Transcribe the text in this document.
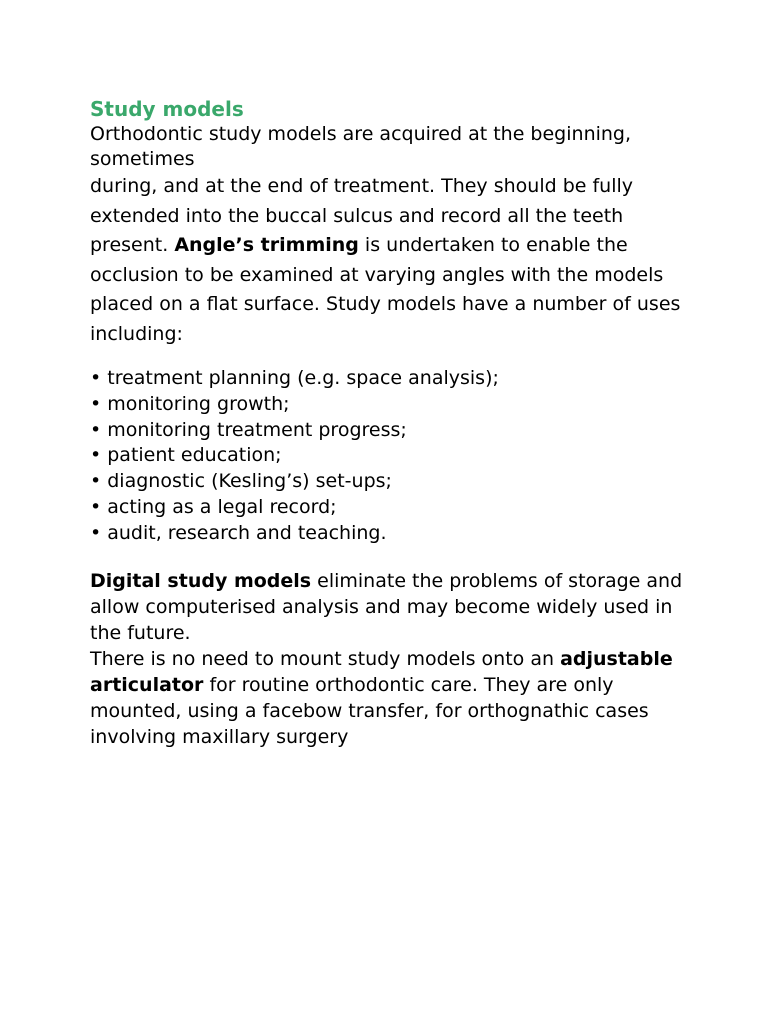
Study models

Orthodontic study models are acquired at the beginning, sometimes

during, and at the end of treatment. They should be fully extended into the buccal sulcus and record all the teeth present. Angle’s trimming is undertaken to enable the occlusion to be examined at varying angles with the models placed on a flat surface. Study models have a number of uses including:

• treatment planning (e.g. space analysis);
• monitoring growth;
• monitoring treatment progress;
• patient education;
• diagnostic (Kesling’s) set-ups;
• acting as a legal record;
• audit, research and teaching.

Digital study models eliminate the problems of storage and allow computerised analysis and may become widely used in the future.

There is no need to mount study models onto an adjustable articulator for routine orthodontic care. They are only mounted, using a facebow transfer, for orthognathic cases involving maxillary surgery
